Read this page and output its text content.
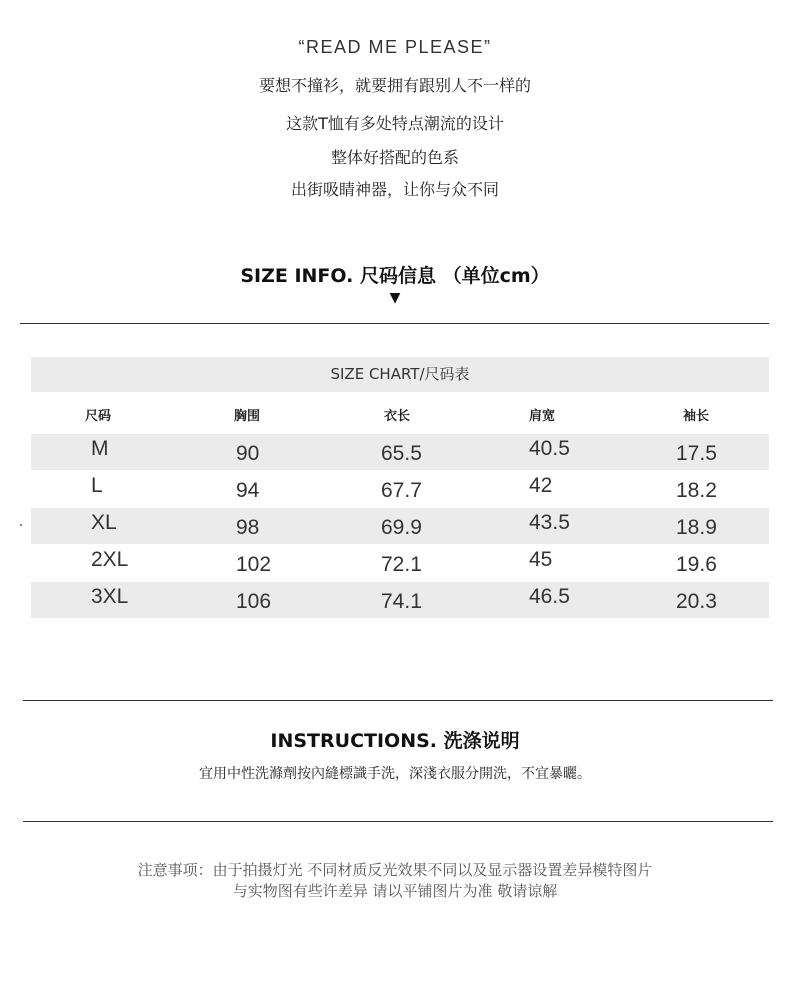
“READ ME PLEASE”
要想不撞衫，就要拥有跟别人不一样的
这款T恤有多处特点潮流的设计
整体好搭配的色系
出街吸睛神器，让你与众不同
SIZE INFO. 尺码信息 （单位cm）
▼
SIZE CHART/尺码表
尺码	胸围	衣长	肩宽	袖长
M	90	65.5	40.5	17.5
L	94	67.7	42	18.2
XL	98	69.9	43.5	18.9
2XL	102	72.1	45	19.6
3XL	106	74.1	46.5	20.3
INSTRUCTIONS. 洗涤说明
宜用中性洗滌劑按內縫標識手洗，深淺衣服分開洗，不宜暴曬。
注意事项：由于拍摄灯光 不同材质反光效果不同以及显示器设置差异模特图片
与实物图有些许差异 请以平铺图片为准 敬请谅解
